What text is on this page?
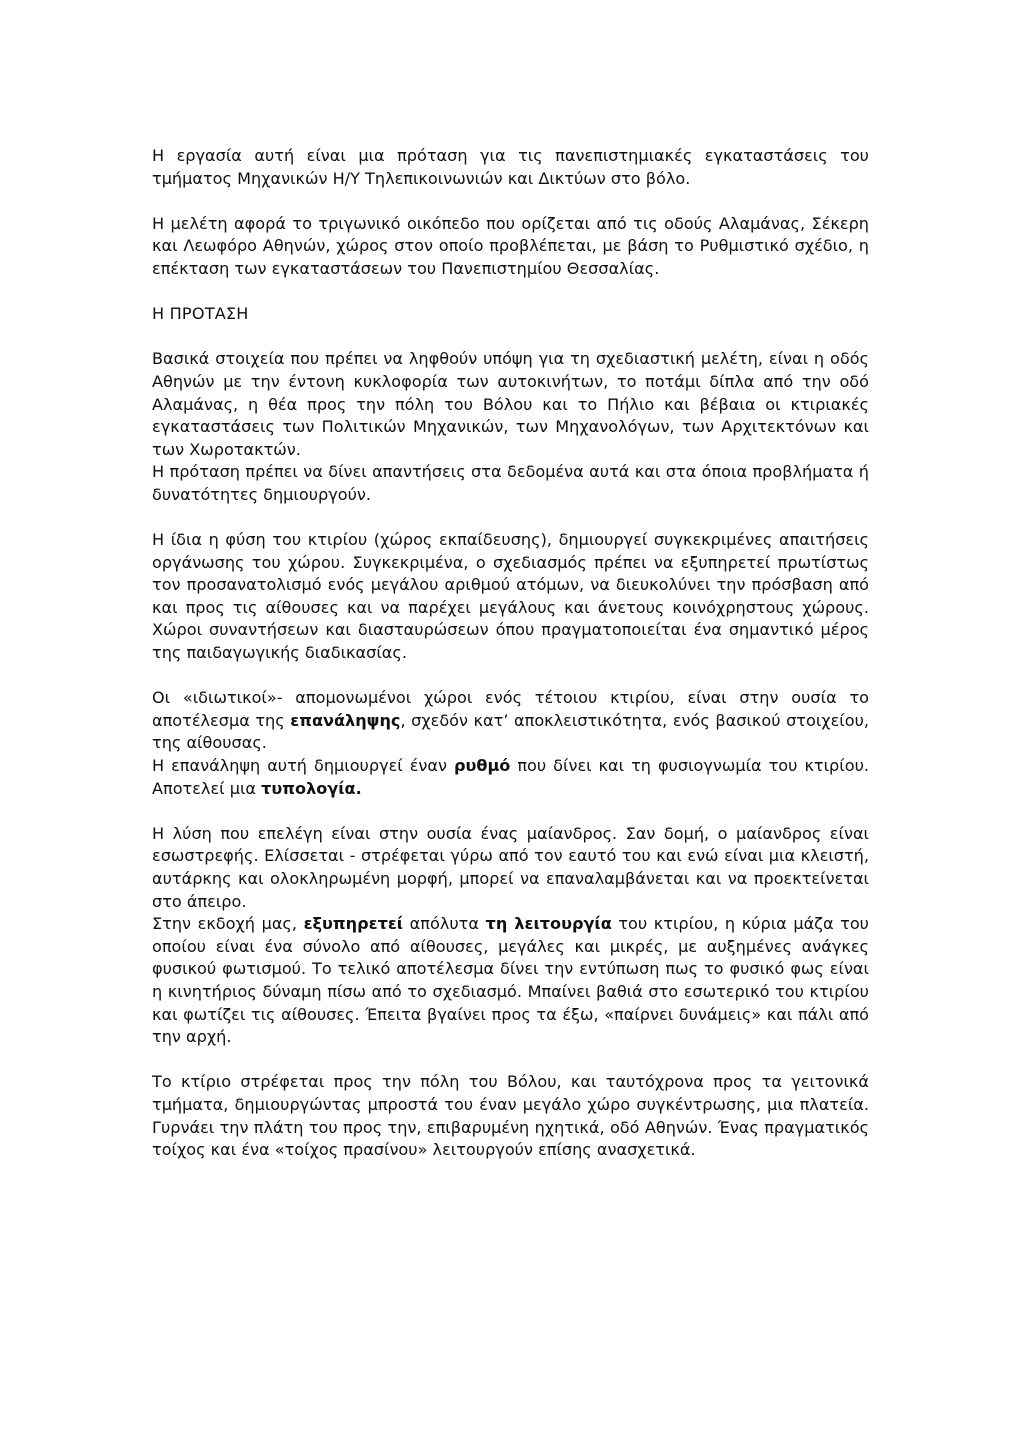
Η εργασία αυτή είναι μια πρόταση για τις πανεπιστημιακές εγκαταστάσεις του τμήματος Μηχανικών Η/Υ Τηλεπικοινωνιών και Δικτύων στο βόλο.

Η μελέτη αφορά το τριγωνικό οικόπεδο που ορίζεται από τις οδούς Αλαμάνας, Σέκερη και Λεωφόρο Αθηνών, χώρος στον οποίο προβλέπεται, με βάση το Ρυθμιστικό σχέδιο, η επέκταση των εγκαταστάσεων του Πανεπιστημίου Θεσσαλίας.

Η ΠΡΟΤΑΣΗ

Βασικά στοιχεία που πρέπει να ληφθούν υπόψη για τη σχεδιαστική μελέτη, είναι η οδός Αθηνών με την έντονη κυκλοφορία των αυτοκινήτων, το ποτάμι δίπλα από την οδό Αλαμάνας, η θέα προς την πόλη του Βόλου και το Πήλιο και βέβαια οι κτιριακές εγκαταστάσεις των Πολιτικών Μηχανικών, των Μηχανολόγων, των Αρχιτεκτόνων και των Χωροτακτών.

Η πρόταση πρέπει να δίνει απαντήσεις στα δεδομένα αυτά και στα όποια προβλήματα ή δυνατότητες δημιουργούν.

Η ίδια η φύση του κτιρίου (χώρος εκπαίδευσης), δημιουργεί συγκεκριμένες απαιτήσεις οργάνωσης του χώρου. Συγκεκριμένα, ο σχεδιασμός πρέπει να εξυπηρετεί πρωτίστως τον προσανατολισμό ενός μεγάλου αριθμού ατόμων, να διευκολύνει την πρόσβαση από και προς τις αίθουσες και να παρέχει μεγάλους και άνετους κοινόχρηστους χώρους. Χώροι συναντήσεων και διασταυρώσεων όπου πραγματοποιείται ένα σημαντικό μέρος της παιδαγωγικής διαδικασίας.

Οι «ιδιωτικοί»- απομονωμένοι χώροι ενός τέτοιου κτιρίου, είναι στην ουσία το αποτέλεσμα της επανάληψης, σχεδόν κατ’ αποκλειστικότητα, ενός βασικού στοιχείου, της αίθουσας.

Η επανάληψη αυτή δημιουργεί έναν ρυθμό που δίνει και τη φυσιογνωμία του κτιρίου. Αποτελεί μια τυπολογία.

Η λύση που επελέγη είναι στην ουσία ένας μαίανδρος. Σαν δομή, ο μαίανδρος είναι εσωστρεφής. Ελίσσεται - στρέφεται γύρω από τον εαυτό του και ενώ είναι μια κλειστή, αυτάρκης και ολοκληρωμένη μορφή, μπορεί να επαναλαμβάνεται και να προεκτείνεται στο άπειρο.

Στην εκδοχή μας, εξυπηρετεί απόλυτα τη λειτουργία του κτιρίου, η κύρια μάζα του οποίου είναι ένα σύνολο από αίθουσες, μεγάλες και μικρές, με αυξημένες ανάγκες φυσικού φωτισμού. Το τελικό αποτέλεσμα δίνει την εντύπωση πως το φυσικό φως είναι η κινητήριος δύναμη πίσω από το σχεδιασμό. Μπαίνει βαθιά στο εσωτερικό του κτιρίου και φωτίζει τις αίθουσες. Έπειτα βγαίνει προς τα έξω, «παίρνει δυνάμεις» και πάλι από την αρχή.

Το κτίριο στρέφεται προς την πόλη του Βόλου, και ταυτόχρονα προς τα γειτονικά τμήματα, δημιουργώντας μπροστά του έναν μεγάλο χώρο συγκέντρωσης, μια πλατεία. Γυρνάει την πλάτη του προς την, επιβαρυμένη ηχητικά, οδό Αθηνών. Ένας πραγματικός τοίχος και ένα «τοίχος πρασίνου» λειτουργούν επίσης ανασχετικά.
